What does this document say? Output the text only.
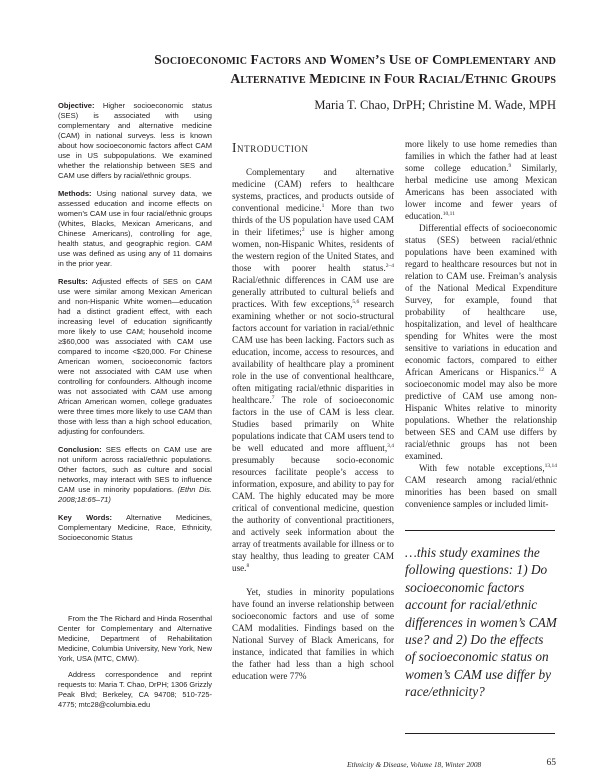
Socioeconomic Factors and Women’s Use of Complementary and
Alternative Medicine in Four Racial/Ethnic Groups
Maria T. Chao, DrPH; Christine M. Wade, MPH

Objective: Higher socioeconomic status (SES) is associated with using complementary and alternative medicine (CAM) in national surveys. less is known about how socioeconomic factors affect CAM use in US subpopulations. We examined whether the relationship between SES and CAM use differs by racial/ethnic groups.

Methods: Using national survey data, we assessed education and income effects on women’s CAM use in four racial/ethnic groups (Whites, Blacks, Mexican Americans, and Chinese Americans), controlling for age, health status, and geographic region. CAM use was defined as using any of 11 domains in the prior year.

Results: Adjusted effects of SES on CAM use were similar among Mexican American and non-Hispanic White women—education had a distinct gradient effect, with each increasing level of education significantly more likely to use CAM; household income ≥$60,000 was associated with CAM use compared to income <$20,000. For Chinese American women, socioeconomic factors were not associated with CAM use when controlling for confounders. Although income was not associated with CAM use among African American women, college graduates were three times more likely to use CAM than those with less than a high school education, adjusting for confounders.

Conclusion: SES effects on CAM use are not uniform across racial/ethnic populations. Other factors, such as culture and social networks, may interact with SES to influence CAM use in minority populations. (Ethn Dis. 2008;18:65–71)

Key Words: Alternative Medicines, Complementary Medicine, Race, Ethnicity, Socioeconomic Status

From the The Richard and Hinda Rosenthal Center for Complementary and Alternative Medicine, Department of Rehabilitation Medicine, Columbia University, New York, New York, USA (MTC, CMW).

Address correspondence and reprint requests to: Maria T. Chao, DrPH; 1306 Grizzly Peak Blvd; Berkeley, CA 94708; 510-725-4775; mtc28@columbia.edu

Introduction

Complementary and alternative medicine (CAM) refers to healthcare systems, practices, and products outside of conventional medicine.$^1$ More than two thirds of the US population have used CAM in their lifetimes;$^2$ use is higher among women, non-Hispanic Whites, residents of the western region of the United States, and those with poorer health status.$^{2-4}$ Racial/ethnic differences in CAM use are generally attributed to cultural beliefs and practices. With few exceptions,$^{5,6}$ research examining whether or not socio-structural factors account for variation in racial/ethnic CAM use has been lacking. Factors such as education, income, access to resources, and availability of healthcare play a prominent role in the use of conventional healthcare, often mitigating racial/ethnic disparities in healthcare.$^7$ The role of socioeconomic factors in the use of CAM is less clear. Studies based primarily on White populations indicate that CAM users tend to be well educated and more affluent,$^{3,4}$ presumably because socio-economic resources facilitate people’s access to information, exposure, and ability to pay for CAM. The highly educated may be more critical of conventional medicine, question the authority of conventional practitioners, and actively seek information about the array of treatments available for illness or to stay healthy, thus leading to greater CAM use.$^8$

Yet, studies in minority populations have found an inverse relationship between socioeconomic factors and use of some CAM modalities. Findings based on the National Survey of Black Americans, for instance, indicated that families in which the father had less than a high school education were 77%

more likely to use home remedies than families in which the father had at least some college education.$^9$ Similarly, herbal medicine use among Mexican Americans has been associated with lower income and fewer years of education.$^{10,11}$

Differential effects of socioeconomic status (SES) between racial/ethnic populations have been examined with regard to healthcare resources but not in relation to CAM use. Freiman’s analysis of the National Medical Expenditure Survey, for example, found that probability of healthcare use, hospitalization, and level of healthcare spending for Whites were the most sensitive to variations in education and economic factors, compared to either African Americans or Hispanics.$^{12}$ A socioeconomic model may also be more predictive of CAM use among non-Hispanic Whites relative to minority populations. Whether the relationship between SES and CAM use differs by racial/ethnic groups has not been examined.

With few notable exceptions,$^{13,14}$ CAM research among racial/ethnic minorities has been based on small convenience samples or included limit-

…this study examines the following questions: 1) Do socioeconomic factors account for racial/ethnic differences in women’s CAM use? and 2) Do the effects of socioeconomic status on women’s CAM use differ by race/ethnicity?
Ethnicity & Disease, Volume 18, Winter 2008	65
